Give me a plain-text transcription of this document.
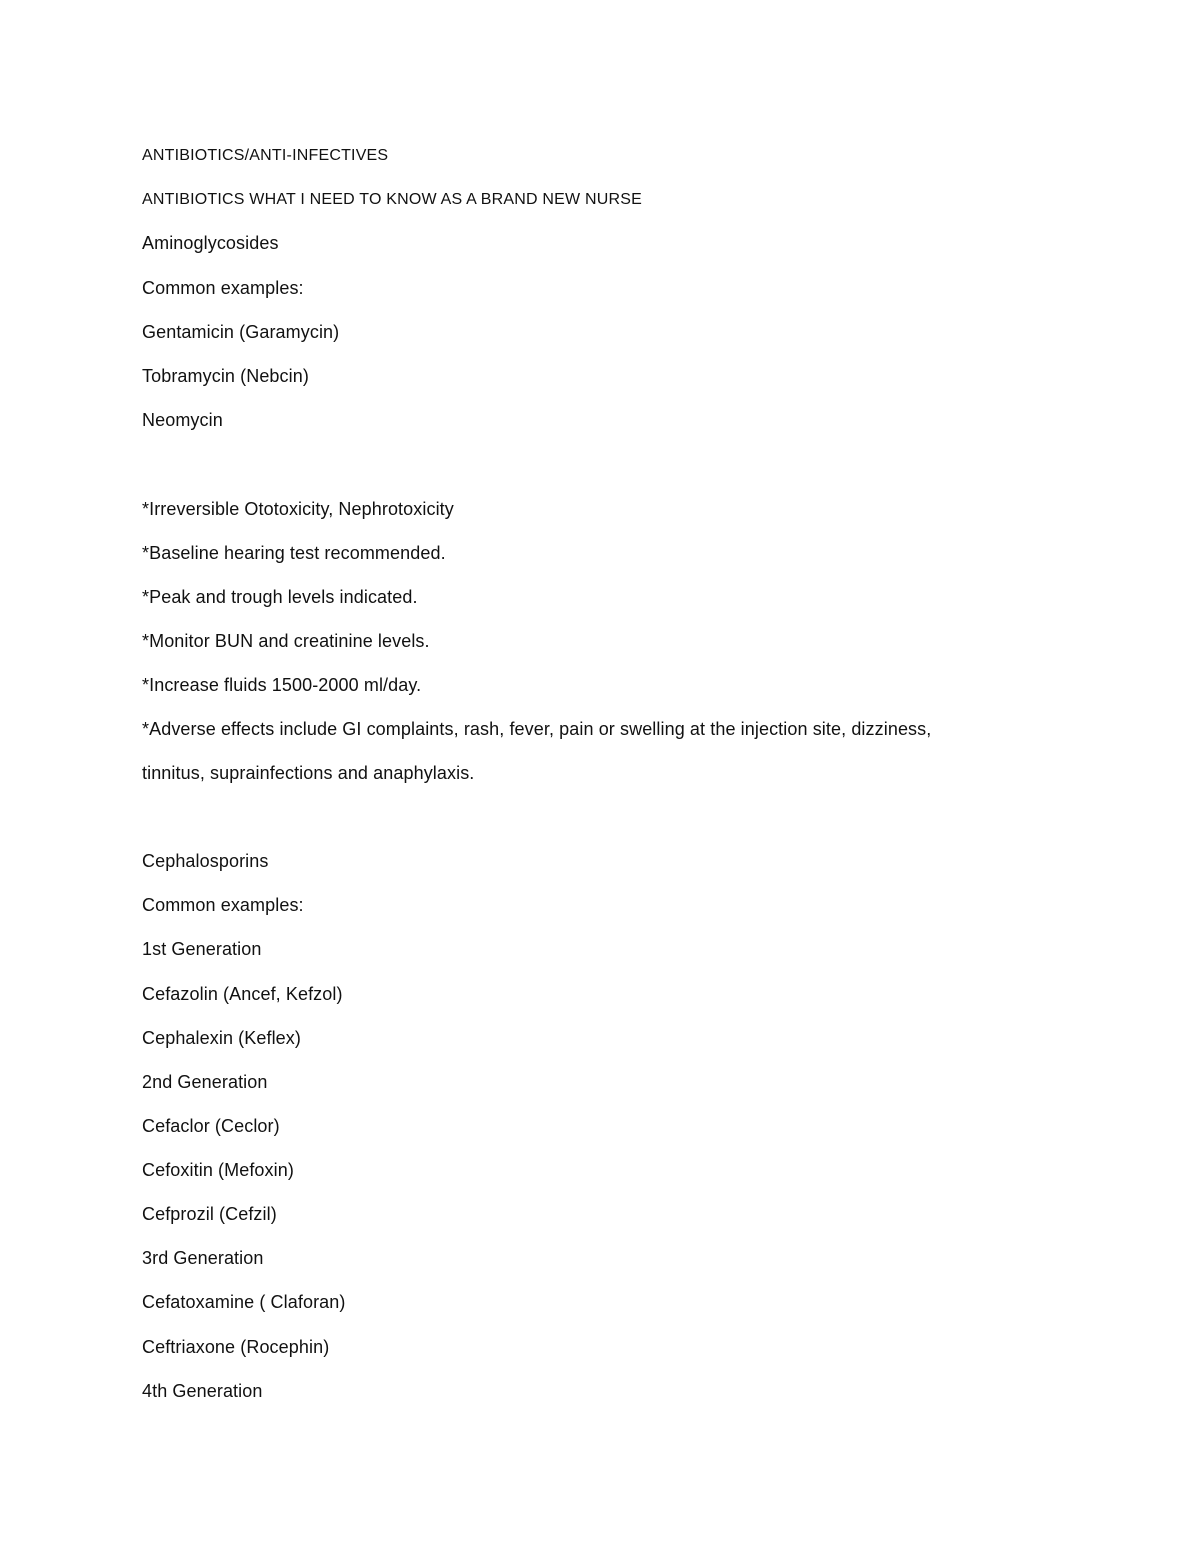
ANTIBIOTICS/ANTI-INFECTIVES

ANTIBIOTICS WHAT I NEED TO KNOW AS A BRAND NEW NURSE

Aminoglycosides

Common examples:

Gentamicin (Garamycin)

Tobramycin (Nebcin)

Neomycin

*Irreversible Ototoxicity, Nephrotoxicity

*Baseline hearing test recommended.

*Peak and trough levels indicated.

*Monitor BUN and creatinine levels.

*Increase fluids 1500-2000 ml/day.

*Adverse effects include GI complaints, rash, fever, pain or swelling at the injection site, dizziness,

tinnitus, suprainfections and anaphylaxis.

Cephalosporins

Common examples:

1st Generation

Cefazolin (Ancef, Kefzol)

Cephalexin (Keflex)

2nd Generation

Cefaclor (Ceclor)

Cefoxitin (Mefoxin)

Cefprozil (Cefzil)

3rd Generation

Cefatoxamine ( Claforan)

Ceftriaxone (Rocephin)

4th Generation
